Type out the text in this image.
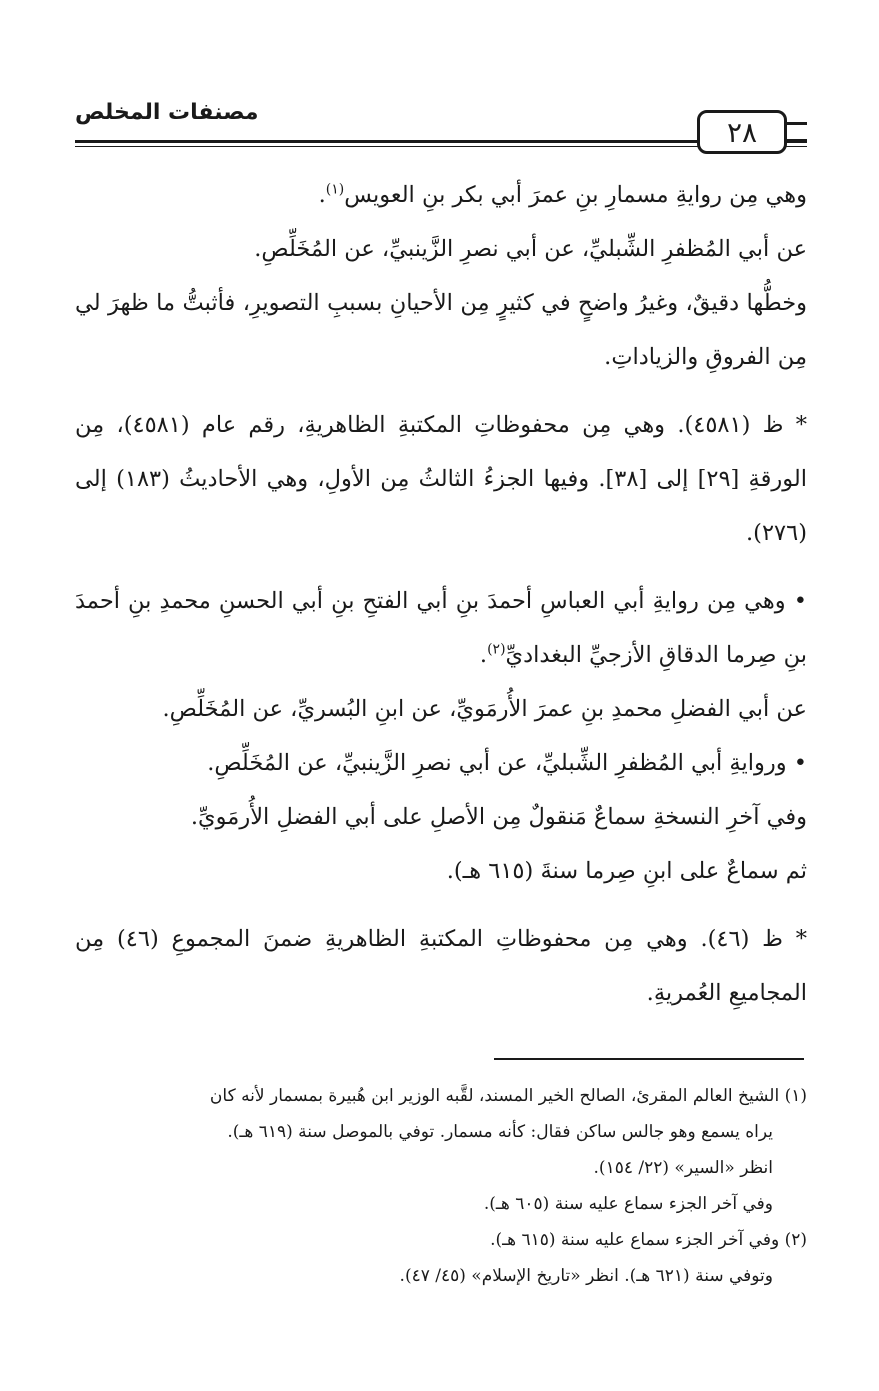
مصنفات المخلص
٢٨

وهي مِن روايةِ مسمارِ بنِ عمرَ أبي بكر بنِ العويس$^{(١)}$.

عن أبي المُظفرِ الشِّبليِّ، عن أبي نصرِ الزَّينبيِّ، عن المُخَلِّصِ.

وخطُّها دقيقٌ، وغيرُ واضحٍ في كثيرٍ مِن الأحيانِ بسببِ التصويرِ، فأثبتُّ ما ظهرَ لي مِن الفروقِ والزياداتِ.

* ظ (٤٥٨١). وهي مِن محفوظاتِ المكتبةِ الظاهريةِ، رقم عام (٤٥٨١)، مِن الورقةِ [٢٩] إلى [٣٨]. وفيها الجزءُ الثالثُ مِن الأولِ، وهي الأحاديثُ (١٨٣) إلى (٢٧٦).

• وهي مِن روايةِ أبي العباسِ أحمدَ بنِ أبي الفتحِ بنِ أبي الحسنِ محمدِ بنِ أحمدَ بنِ صِرما الدقاقِ الأزجيِّ البغداديِّ$^{(٢)}$.

عن أبي الفضلِ محمدِ بنِ عمرَ الأُرمَويِّ، عن ابنِ البُسريِّ، عن المُخَلِّصِ.

• وروايةِ أبي المُظفرِ الشِّبليِّ، عن أبي نصرِ الزَّينبيِّ، عن المُخَلِّصِ.

وفي آخرِ النسخةِ سماعٌ مَنقولٌ مِن الأصلِ على أبي الفضلِ الأُرمَويِّ.

ثم سماعٌ على ابنِ صِرما سنةَ (٦١٥ هـ).

* ظ (٤٦). وهي مِن محفوظاتِ المكتبةِ الظاهريةِ ضمنَ المجموعِ (٤٦) مِن المجاميعِ العُمريةِ.

(١) الشيخ العالم المقرئ، الصالح الخير المسند، لقَّبه الوزير ابن هُبيرة بمسمار لأنه كان

يراه يسمع وهو جالس ساكن فقال: كأنه مسمار. توفي بالموصل سنة (٦١٩ هـ).

انظر «السير» (٢٢/ ١٥٤).

وفي آخر الجزء سماع عليه سنة (٦٠٥ هـ).

(٢) وفي آخر الجزء سماع عليه سنة (٦١٥ هـ).

وتوفي سنة (٦٢١ هـ). انظر «تاريخ الإسلام» (٤٥/ ٤٧).
